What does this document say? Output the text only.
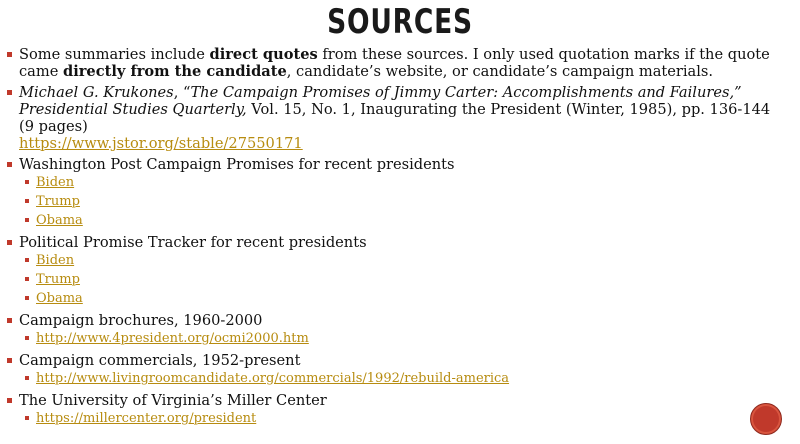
SOURCES
Some summaries include direct quotes from these sources. I only used quotation marks if the quote came directly from the candidate, candidate’s website, or candidate’s campaign materials.
Michael G. Krukones, “The Campaign Promises of Jimmy Carter: Accomplishments and Failures,” Presidential Studies Quarterly, Vol. 15, No. 1, Inaugurating the President (Winter, 1985), pp. 136-144 (9 pages)
https://www.jstor.org/stable/27550171
Washington Post Campaign Promises for recent presidents
Biden
Trump
Obama
Political Promise Tracker for recent presidents
Biden
Trump
Obama
Campaign brochures, 1960-2000
http://www.4president.org/ocmi2000.htm
Campaign commercials, 1952-present
http://www.livingroomcandidate.org/commercials/1992/rebuild-america
The University of Virginia’s Miller Center
https://millercenter.org/president
